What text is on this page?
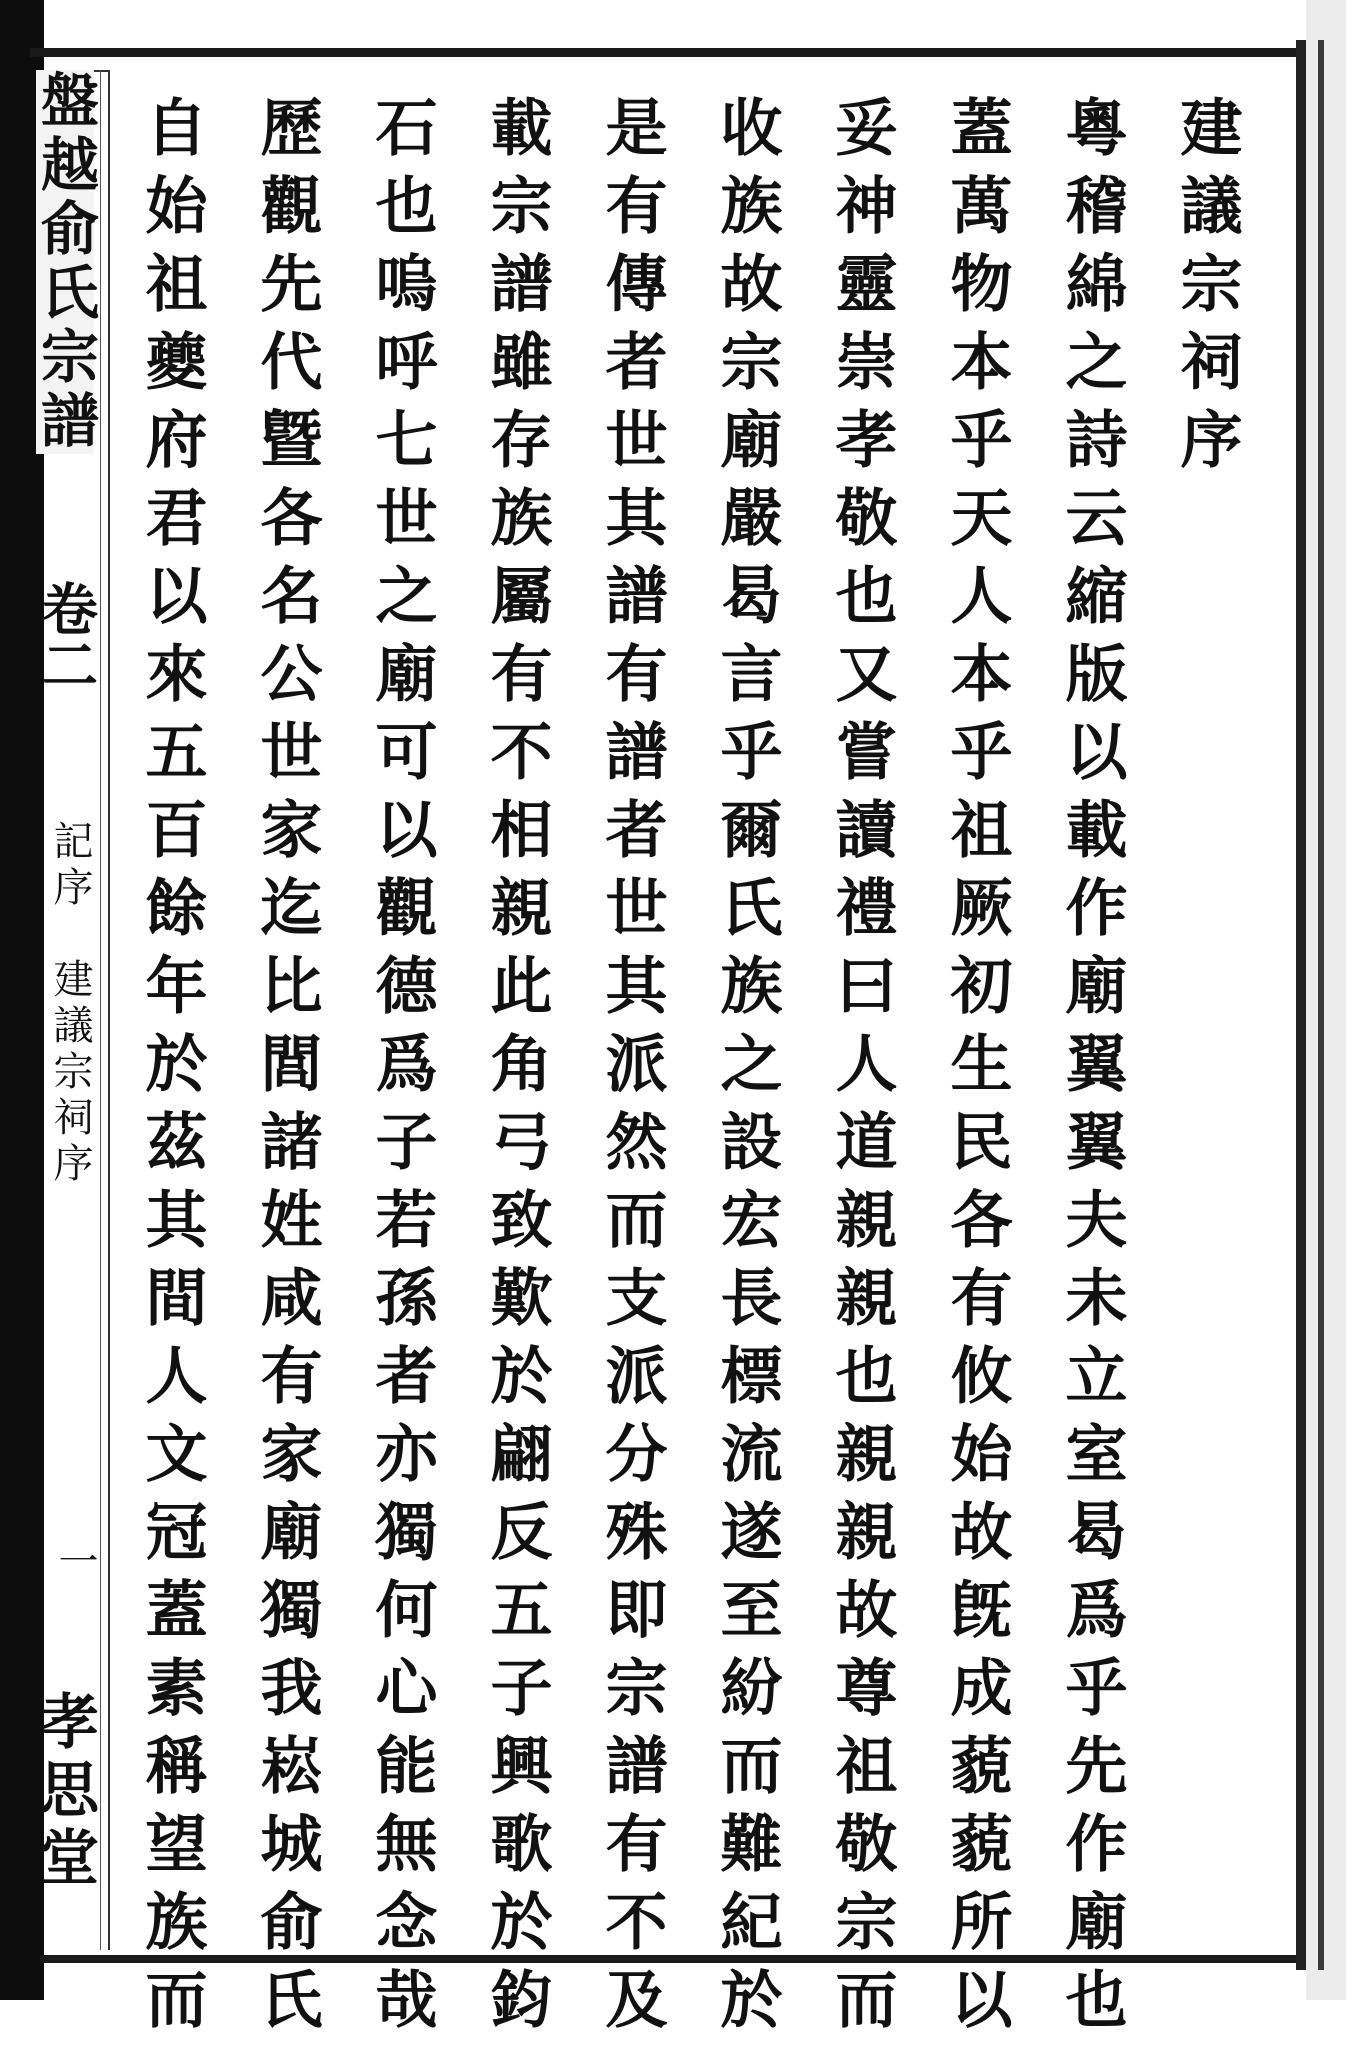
盤越俞氏宗譜
卷二
記序　建議宗祠序
一
孝思堂
建議宗祠序
粵稽綿之詩云縮版以載作廟翼翼夫未立室曷爲乎先作廟也
蓋萬物本乎天人本乎祖厥初生民各有攸始故旣成藐藐所以
妥神靈崇孝敬也又嘗讀禮曰人道親親也親親故尊祖敬宗而
收族故宗廟嚴曷言乎爾氏族之設宏長標流遂至紛而難紀於
是有傳者世其譜有譜者世其派然而支派分殊即宗譜有不及
載宗譜雖存族屬有不相親此角弓致歎於翩反五子興歌於鈞
石也嗚呼七世之廟可以觀德爲子若孫者亦獨何心能無念哉
歷觀先代曁各名公世家迄比閭諸姓咸有家廟獨我崧城俞氏
自始祖夔府君以來五百餘年於茲其間人文冠蓋素稱望族而
